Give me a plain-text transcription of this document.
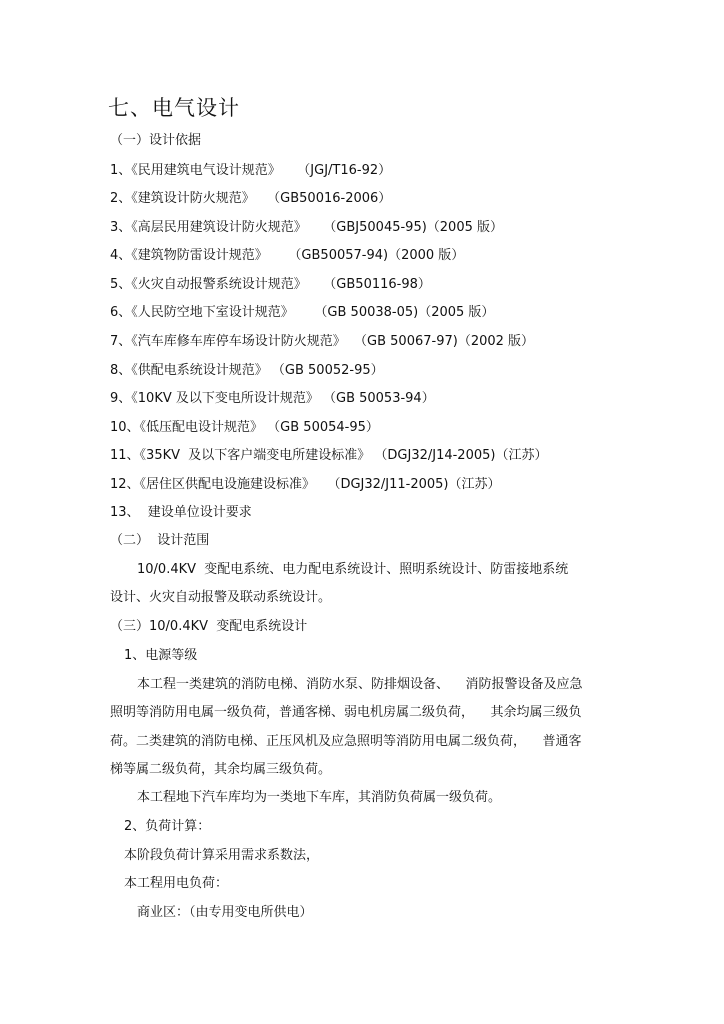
七、电气设计
（一）设计依据
1、《民用建筑电气设计规范》    （JGJ/T16-92）
2、《建筑设计防火规范》   （GB50016-2006）
3、《高层民用建筑设计防火规范》    （GBJ50045-95)（2005 版）
4、《建筑物防雷设计规范》     （GB50057-94)（2000 版）
5、《火灾自动报警系统设计规范》    （GB50116-98）
6、《人民防空地下室设计规范》     （GB 50038-05)（2005 版）
7、《汽车库修车库停车场设计防火规范》  （GB 50067-97)（2002 版）
8、《供配电系统设计规范》 （GB 50052-95）
9、《10KV 及以下变电所设计规范》 （GB 50053-94）
10、《低压配电设计规范》 （GB 50054-95）
11、《35KV  及以下客户端变电所建设标准》 （DGJ32/J14-2005)（江苏）
12、《居住区供配电设施建设标准》   （DGJ32/J11-2005)（江苏）
13、  建设单位设计要求
（二）  设计范围
10/0.4KV  变配电系统、电力配电系统设计、照明系统设计、防雷接地系统
设计、火灾自动报警及联动系统设计。
（三）10/0.4KV  变配电系统设计
1、电源等级
本工程一类建筑的消防电梯、消防水泵、防排烟设备、    消防报警设备及应急
照明等消防用电属一级负荷，普通客梯、弱电机房属二级负荷，    其余均属三级负
荷。二类建筑的消防电梯、正压风机及应急照明等消防用电属二级负荷，    普通客
梯等属二级负荷，其余均属三级负荷。
本工程地下汽车库均为一类地下车库，其消防负荷属一级负荷。
2、负荷计算：
本阶段负荷计算采用需求系数法，
本工程用电负荷：
商业区：（由专用变电所供电）
